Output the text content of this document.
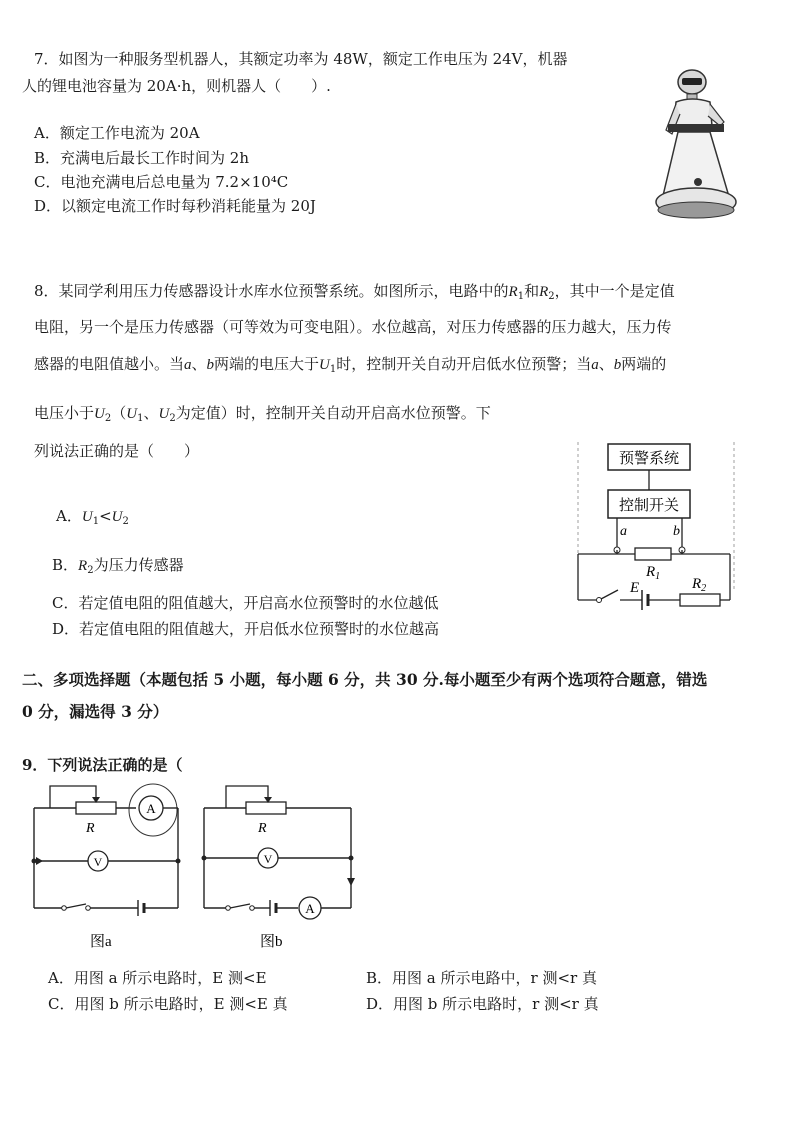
7．如图为一种服务型机器人，其额定功率为 48W，额定工作电压为 24V，机器
人的锂电池容量为 20A·h，则机器人（　　）.
A．额定工作电流为 20A
B．充满电后最长工作时间为 2h
C．电池充满电后总电量为 7.2×10⁴C
D．以额定电流工作时每秒消耗能量为 20J
8．某同学利用压力传感器设计水库水位预警系统。如图所示，电路中的$R_1$和$R_2$，其中一个是定值
电阻，另一个是压力传感器（可等效为可变电阻）。水位越高，对压力传感器的压力越大，压力传
感器的电阻值越小。当a、b两端的电压大于$U_1$时，控制开关自动开启低水位预警；当a、b两端的
电压小于$U_2(U_1$、$U_2$为定值）时，控制开关自动开启高水位预警。下
列说法正确的是（　　）
A．$U_1<U_2$
B．$R_2$为压力传感器
C．若定值电阻的阻值越大，开启高水位预警时的水位越低
D．若定值电阻的阻值越大，开启低水位预警时的水位越高
预警系统
控制开关
a	b
$R_1$
E	$R_2$
二、多项选择题（本题包括 5 小题，每小题 6 分，共 30 分.每小题至少有两个选项符合题意，错选
0 分，漏选得 3 分）
9．下列说法正确的是（
R
A
V
图a
R
V
A
图b
A．用图 a 所示电路时，E 测<E	B．用图 a 所示电路中，r 测<r 真
C．用图 b 所示电路时，E 测<E 真	D．用图 b 所示电路时，r 测<r 真
